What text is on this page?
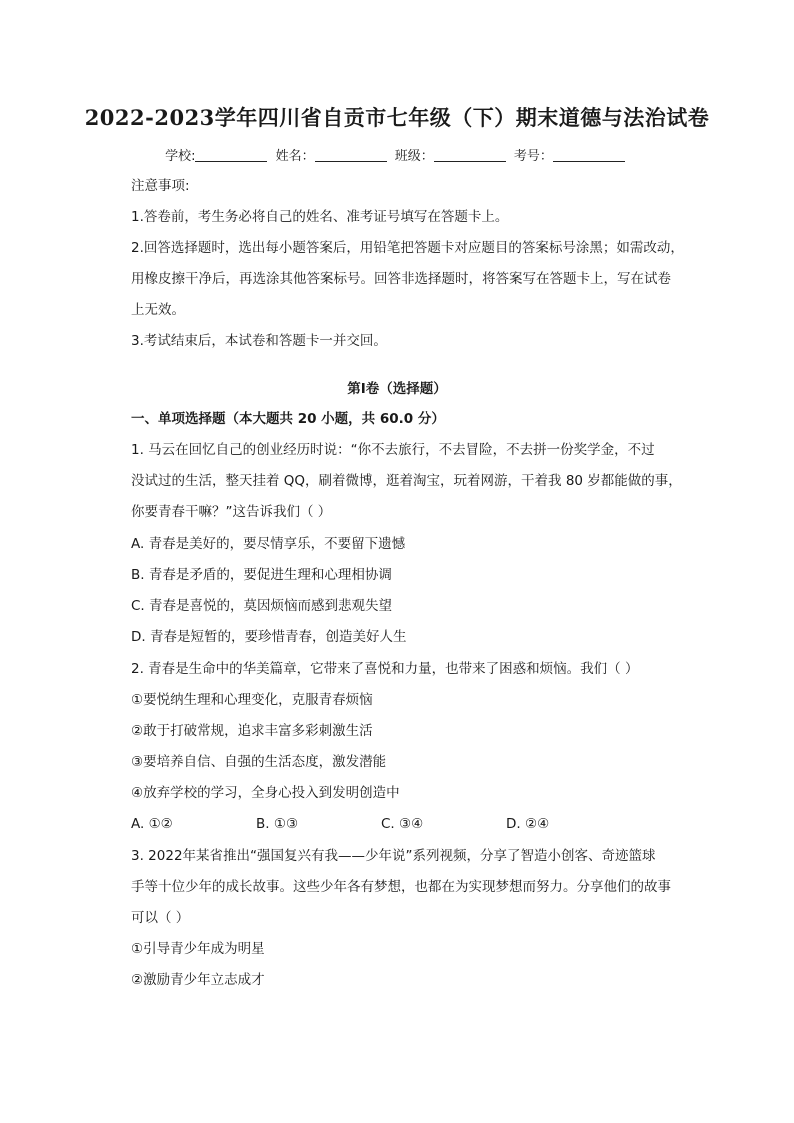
2022-2023学年四川省自贡市七年级（下）期末道德与法治试卷
学校:	姓名：	班级：	考号：
注意事项:
1.答卷前，考生务必将自己的姓名、准考证号填写在答题卡上。
2.回答选择题时，选出每小题答案后，用铅笔把答题卡对应题目的答案标号涂黑；如需改动，
用橡皮擦干净后，再选涂其他答案标号。回答非选择题时，将答案写在答题卡上，写在试卷
上无效。
3.考试结束后，本试卷和答题卡一并交回。
第Ⅰ卷（选择题）
一、单项选择题（本大题共 20 小题，共 60.0 分）
1. 马云在回忆自己的创业经历时说：“你不去旅行，不去冒险，不去拼一份奖学金，不过
没试过的生活，整天挂着 QQ，刷着微博，逛着淘宝，玩着网游，干着我 80 岁都能做的事，
你要青春干嘛？”这告诉我们（ ）
A. 青春是美好的，要尽情享乐，不要留下遗憾
B. 青春是矛盾的，要促进生理和心理相协调
C. 青春是喜悦的，莫因烦恼而感到悲观失望
D. 青春是短暂的，要珍惜青春，创造美好人生
2. 青春是生命中的华美篇章，它带来了喜悦和力量，也带来了困惑和烦恼。我们（ ）
①要悦纳生理和心理变化，克服青春烦恼
②敢于打破常规，追求丰富多彩刺激生活
③要培养自信、自强的生活态度，激发潜能
④放弃学校的学习，全身心投入到发明创造中
A. ①②	B. ①③	C. ③④	D. ②④
3. 2022年某省推出“强国复兴有我——少年说”系列视频，分享了智造小创客、奇迹篮球
手等十位少年的成长故事。这些少年各有梦想，也都在为实现梦想而努力。分享他们的故事
可以（ ）
①引导青少年成为明星
②激励青少年立志成才
